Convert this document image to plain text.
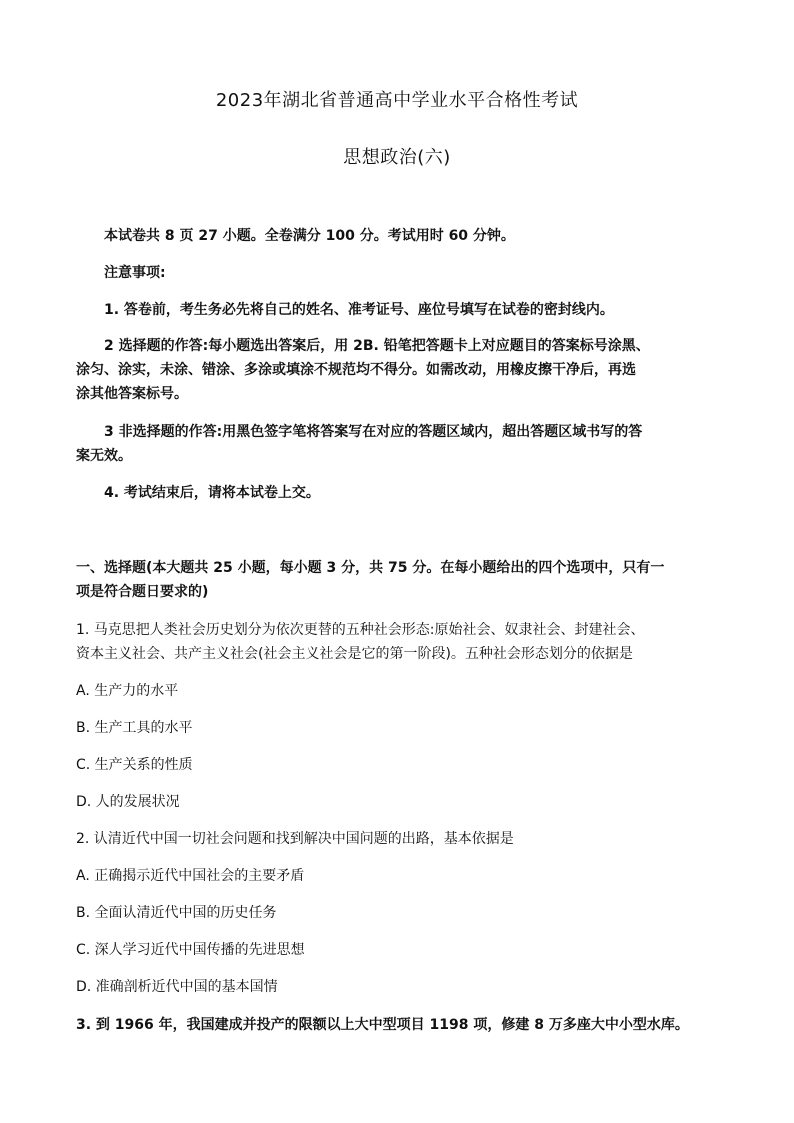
2023年湖北省普通高中学业水平合格性考试
思想政治(六)
本试卷共 8 页 27 小题。全卷满分 100 分。考试用时 60 分钟。
注意事项:
1. 答卷前，考生务必先将自己的姓名、准考证号、座位号填写在试卷的密封线内。
2 选择题的作答:每小题选出答案后，用 2B. 铅笔把答题卡上对应题目的答案标号涂黑、
涂匀、涂实，未涂、错涂、多涂或填涂不规范均不得分。如需改动，用橡皮擦干净后，再选
涂其他答案标号。
3 非选择题的作答:用黑色签字笔将答案写在对应的答题区域内，超出答题区域书写的答
案无效。
4. 考试结束后，请将本试卷上交。
一、选择题(本大题共 25 小题，每小题 3 分，共 75 分。在每小题给出的四个选项中，只有一
项是符合题日要求的)
1. 马克思把人类社会历史划分为依次更替的五种社会形态:原始社会、奴隶社会、封建社会、
资本主义社会、共产主义社会(社会主义社会是它的第一阶段)。五种社会形态划分的依据是
A. 生产力的水平
B. 生产工具的水平
C. 生产关系的性质
D. 人的发展状况
2. 认清近代中国一切社会问题和找到解决中国问题的出路，基本依据是
A. 正确揭示近代中国社会的主要矛盾
B. 全面认清近代中国的历史任务
C. 深人学习近代中国传播的先进思想
D. 准确剖析近代中国的基本国情
3. 到 1966 年，我国建成并投产的限额以上大中型项目 1198 项，修建 8 万多座大中小型水库。
